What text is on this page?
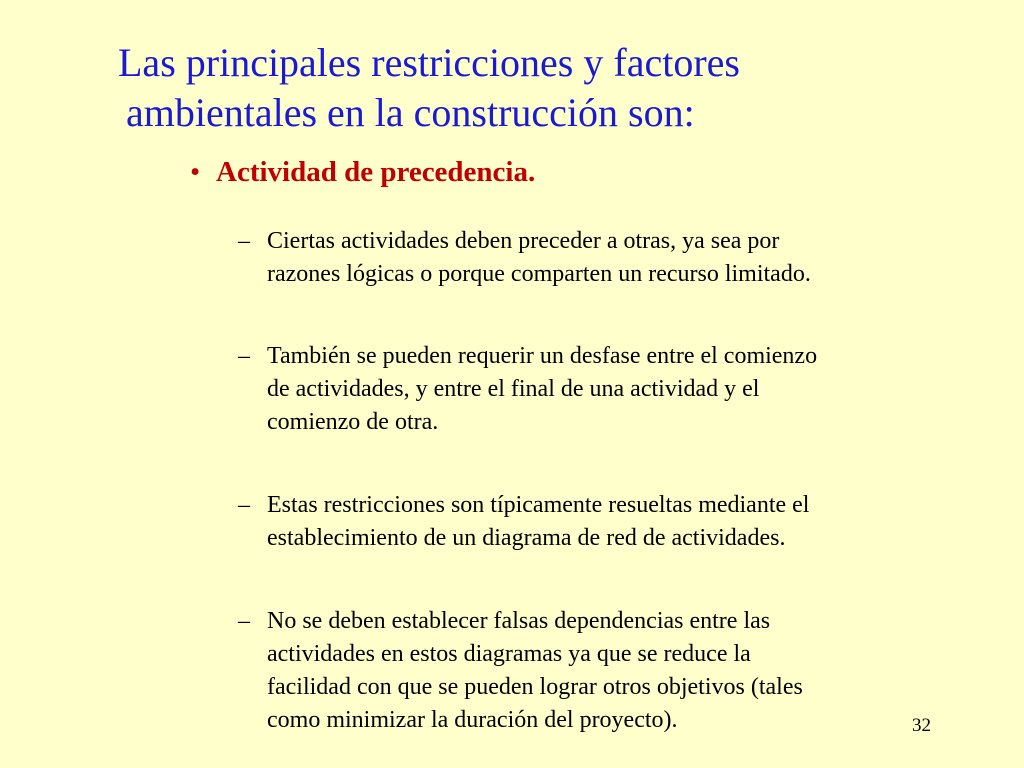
Las principales restricciones y factores
ambientales en la construcción son:
• Actividad de precedencia.
– Ciertas actividades deben preceder a otras, ya sea por
razones lógicas o porque comparten un recurso limitado.
– También se pueden requerir un desfase entre el comienzo
de actividades, y entre el final de una actividad y el
comienzo de otra.
– Estas restricciones son típicamente resueltas mediante el
establecimiento de un diagrama de red de actividades.
– No se deben establecer falsas dependencias entre las
actividades en estos diagramas ya que se reduce la
facilidad con que se pueden lograr otros objetivos (tales
como minimizar la duración del proyecto).	32
